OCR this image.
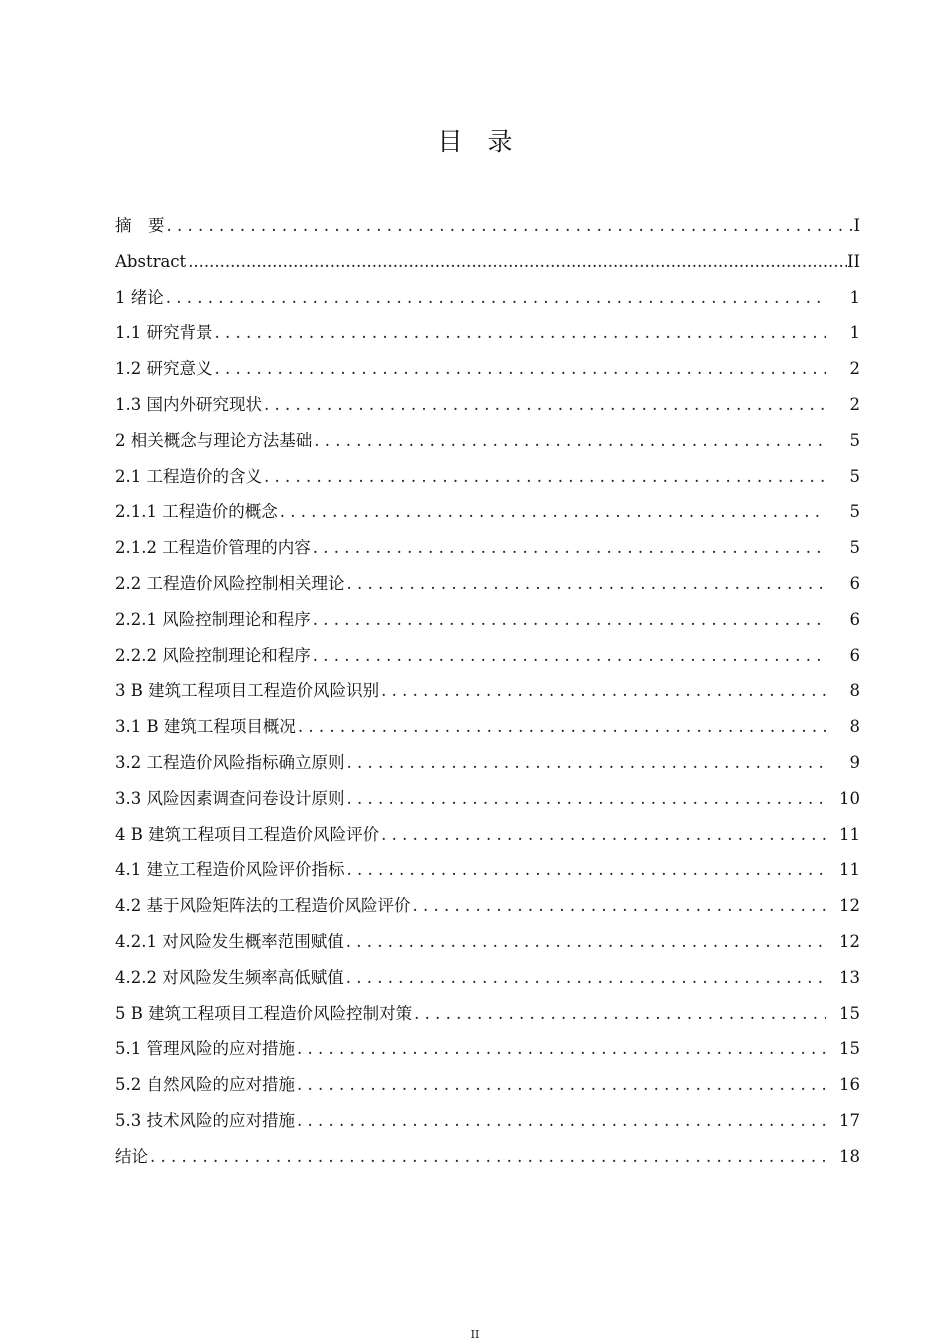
目　录
摘　要 . . .	I
Abstract .....	II
1 绪论 . . .	1
1.1 研究背景 . . .	1
1.2 研究意义 . . .	2
1.3 国内外研究现状 . . .	2
2 相关概念与理论方法基础 . . .	5
2.1 工程造价的含义 . . .	5
2.1.1 工程造价的概念 . . .	5
2.1.2 工程造价管理的内容 . . .	5
2.2 工程造价风险控制相关理论 . . .	6
2.2.1 风险控制理论和程序 . . .	6
2.2.2 风险控制理论和程序 . . .	6
3 B 建筑工程项目工程造价风险识别 . . .	8
3.1 B 建筑工程项目概况 . . .	8
3.2 工程造价风险指标确立原则 . . .	9
3.3 风险因素调查问卷设计原则 . . .	10
4 B 建筑工程项目工程造价风险评价 . . .	11
4.1 建立工程造价风险评价指标 . . .	11
4.2 基于风险矩阵法的工程造价风险评价 . . .	12
4.2.1 对风险发生概率范围赋值 . . .	12
4.2.2 对风险发生频率高低赋值 . . .	13
5 B 建筑工程项目工程造价风险控制对策 . . .	15
5.1 管理风险的应对措施 . . .	15
5.2 自然风险的应对措施 . . .	16
5.3 技术风险的应对措施 . . .	17
结论 . . .	18
II
